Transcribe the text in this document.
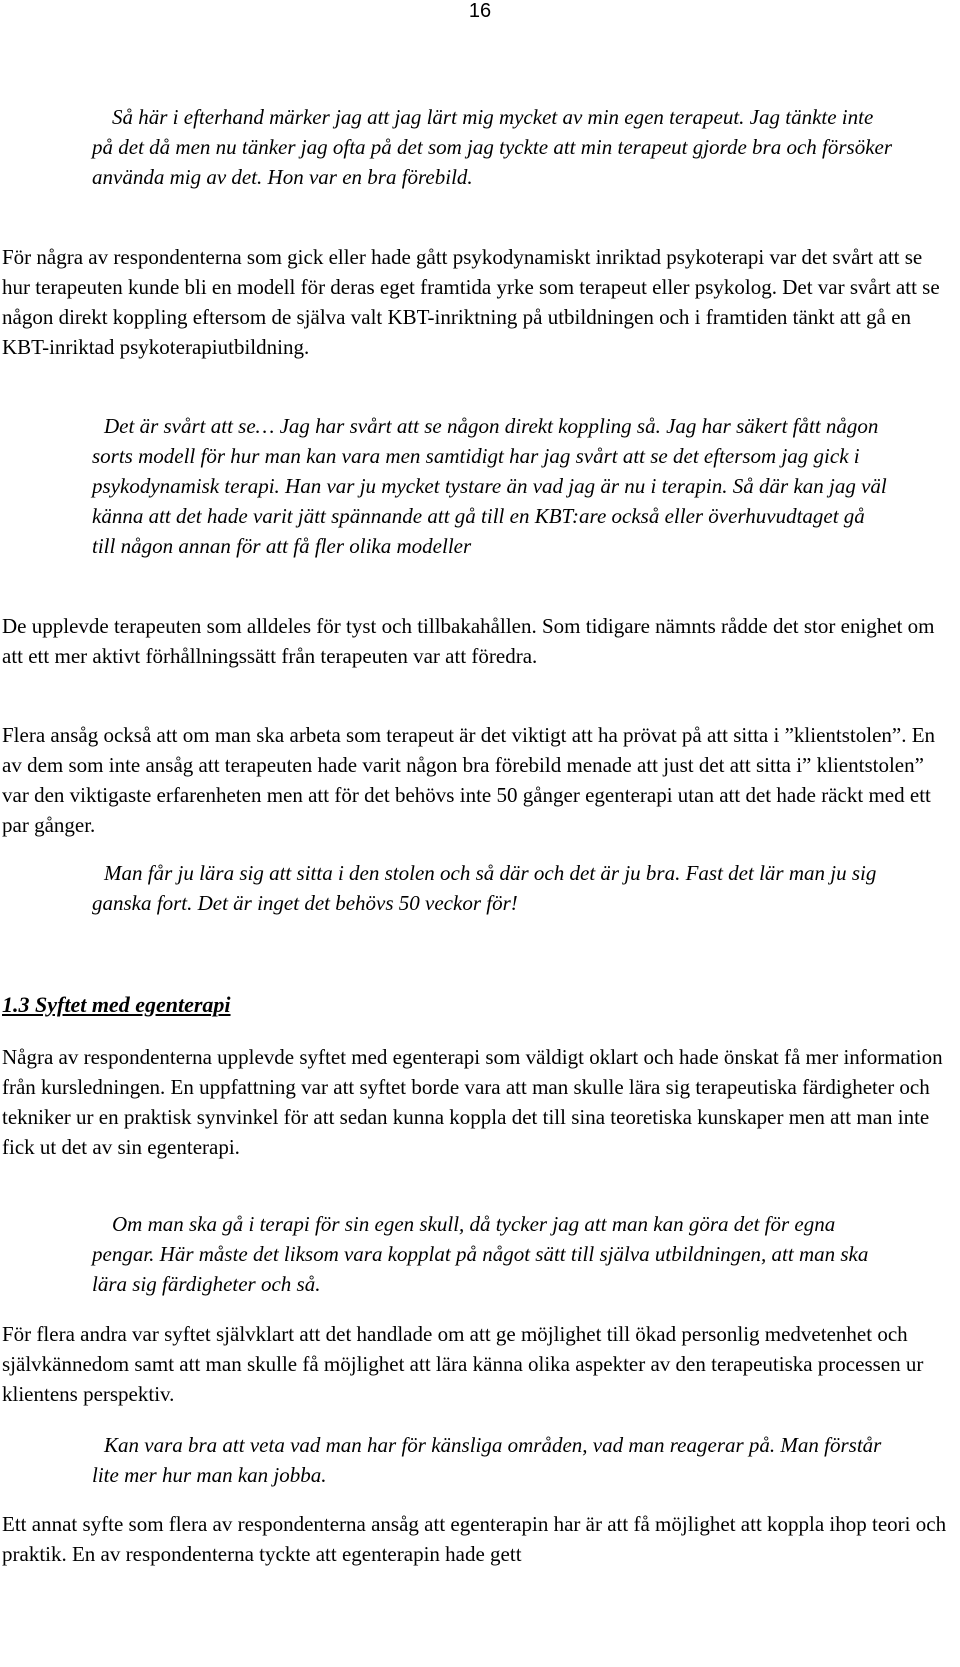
16

Så här i efterhand märker jag att jag lärt mig mycket av min egen terapeut. Jag tänkte inte på det då men nu tänker jag ofta på det som jag tyckte att min terapeut gjorde bra och försöker använda mig av det. Hon var en bra förebild.

För några av respondenterna som gick eller hade gått psykodynamiskt inriktad psykoterapi var det svårt att se hur terapeuten kunde bli en modell för deras eget framtida yrke som terapeut eller psykolog. Det var svårt att se någon direkt koppling eftersom de själva valt KBT-inriktning på utbildningen och i framtiden tänkt att gå en KBT-inriktad psykoterapiutbildning.

Det är svårt att se… Jag har svårt att se någon direkt koppling så. Jag har säkert fått någon sorts modell för hur man kan vara men samtidigt har jag svårt att se det eftersom jag gick i psykodynamisk terapi. Han var ju mycket tystare än vad jag är nu i terapin. Så där kan jag väl känna att det hade varit jätt spännande att gå till en KBT:are också eller överhuvudtaget gå till någon annan för att få fler olika modeller

De upplevde terapeuten som alldeles för tyst och tillbakahållen. Som tidigare nämnts rådde det stor enighet om att ett mer aktivt förhållningssätt från terapeuten var att föredra.

Flera ansåg också att om man ska arbeta som terapeut är det viktigt att ha prövat på att sitta i ”klientstolen”. En av dem som inte ansåg att terapeuten hade varit någon bra förebild menade att just det att sitta i” klientstolen” var den viktigaste erfarenheten men att för det behövs inte 50 gånger egenterapi utan att det hade räckt med ett par gånger.

Man får ju lära sig att sitta i den stolen och så där och det är ju bra. Fast det lär man ju sig ganska fort. Det är inget det behövs 50 veckor för!

1.3 Syftet med egenterapi

Några av respondenterna upplevde syftet med egenterapi som väldigt oklart och hade önskat få mer information från kursledningen. En uppfattning var att syftet borde vara att man skulle lära sig terapeutiska färdigheter och tekniker ur en praktisk synvinkel för att sedan kunna koppla det till sina teoretiska kunskaper men att man inte fick ut det av sin egenterapi.

Om man ska gå i terapi för sin egen skull, då tycker jag att man kan göra det för egna pengar. Här måste det liksom vara kopplat på något sätt till själva utbildningen, att man ska lära sig färdigheter och så.

För flera andra var syftet självklart att det handlade om att ge möjlighet till ökad personlig medvetenhet och självkännedom samt att man skulle få möjlighet att lära känna olika aspekter av den terapeutiska processen ur klientens perspektiv.

Kan vara bra att veta vad man har för känsliga områden, vad man reagerar på. Man förstår lite mer hur man kan jobba.

Ett annat syfte som flera av respondenterna ansåg att egenterapin har är att få möjlighet att koppla ihop teori och praktik. En av respondenterna tyckte att egenterapin hade gett
